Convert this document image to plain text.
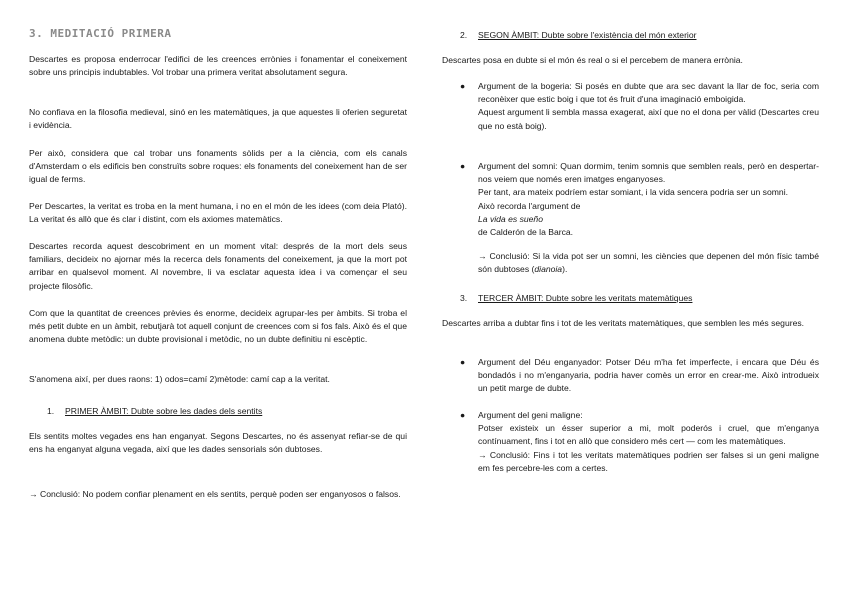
3. MEDITACIÓ PRIMERA

Descartes es proposa enderrocar l'edifici de les creences errònies i fonamentar el coneixement sobre uns principis indubtables. Vol trobar una primera veritat absolutament segura.

No confiava en la filosofia medieval, sinó en les matemàtiques, ja que aquestes li oferien seguretat i evidència.

Per això, considera que cal trobar uns fonaments sòlids per a la ciència, com els canals d'Amsterdam o els edificis ben construïts sobre roques: els fonaments del coneixement han de ser igual de ferms.

Per Descartes, la veritat es troba en la ment humana, i no en el món de les idees (com deia Plató). La veritat és allò que és clar i distint, com els axiomes matemàtics.

Descartes recorda aquest descobriment en un moment vital: després de la mort dels seus familiars, decideix no ajornar més la recerca dels fonaments del coneixement, ja que la mort pot arribar en qualsevol moment. Al novembre, li va esclatar aquesta idea i va començar el seu projecte filosòfic.

Com que la quantitat de creences prèvies és enorme, decideix agrupar-les per àmbits. Si troba el més petit dubte en un àmbit, rebutjarà tot aquell conjunt de creences com si fos fals. Això és el que anomena dubte metòdic: un dubte provisional i metòdic, no un dubte definitiu ni escèptic.

S'anomena així, per dues raons: 1) odos=camí 2)mètode: camí cap a la veritat.

1. PRIMER ÀMBIT: Dubte sobre les dades dels sentits

Els sentits moltes vegades ens han enganyat. Segons Descartes, no és assenyat refiar-se de qui ens ha enganyat alguna vegada, així que les dades sensorials són dubtoses.

→ Conclusió: No podem confiar plenament en els sentits, perquè poden ser enganyosos o falsos.

2. SEGON ÀMBIT: Dubte sobre l'existència del món exterior

Descartes posa en dubte si el món és real o si el percebem de manera errònia.

● Argument de la bogeria: Si posés en dubte que ara sec davant la llar de foc, seria com reconèixer que estic boig i que tot és fruit d'una imaginació emboigida.
Aquest argument li sembla massa exagerat, així que no el dona per vàlid (Descartes creu que no està boig).
● Argument del somni: Quan dormim, tenim somnis que semblen reals, però en despertar-nos veiem que només eren imatges enganyoses.
Per tant, ara mateix podríem estar somiant, i la vida sencera podria ser un somni.
Això recorda l'argument de
La vida es sueño
de Calderón de la Barca.
→ Conclusió: Si la vida pot ser un somni, les ciències que depenen del món físic també són dubtoses (dianoia).
3. TERCER ÀMBIT: Dubte sobre les veritats matemàtiques

Descartes arriba a dubtar fins i tot de les veritats matemàtiques, que semblen les més segures.

● Argument del Déu enganyador: Potser Déu m'ha fet imperfecte, i encara que Déu és bondadós i no m'enganyaria, podria haver comès un error en crear-me. Això introdueix un petit marge de dubte.
● Argument del geni maligne:
Potser existeix un ésser superior a mi, molt poderós i cruel, que m'enganya contínuament, fins i tot en allò que considero més cert — com les matemàtiques.
→ Conclusió: Fins i tot les veritats matemàtiques podrien ser falses si un geni maligne em fes percebre-les com a certes.
